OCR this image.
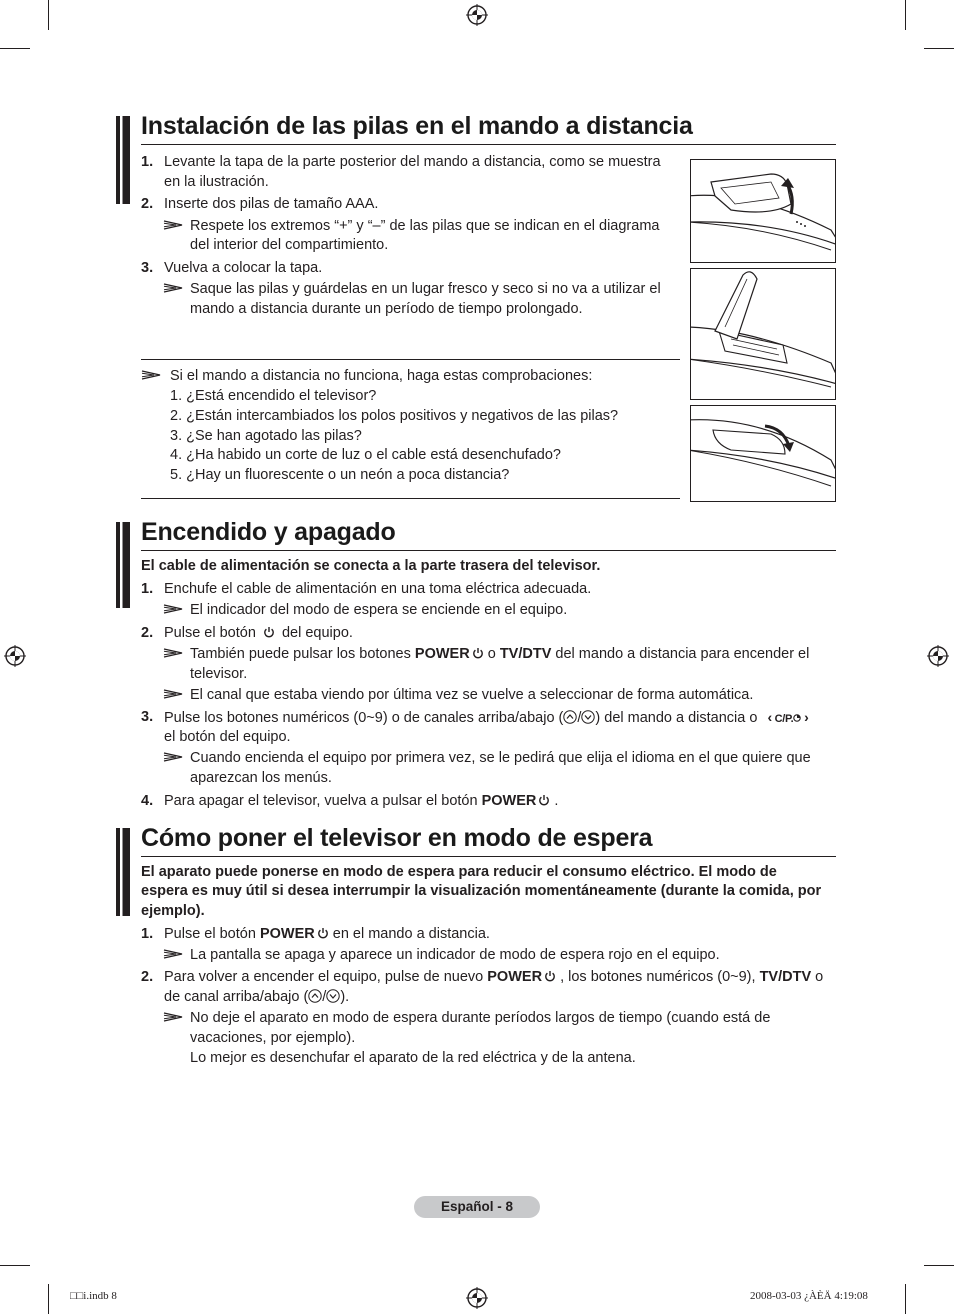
Instalación de las pilas en el mando a distancia
1. Levante la tapa de la parte posterior del mando a distancia, como se muestra
en la ilustración.
2. Inserte dos pilas de tamaño AAA.
Respete los extremos “+” y “–” de las pilas que se indican en el diagrama
del interior del compartimiento.
3. Vuelva a colocar la tapa.
Saque las pilas y guárdelas en un lugar fresco y seco si no va a utilizar el
mando a distancia durante un período de tiempo prolongado.
Si el mando a distancia no funciona, haga estas comprobaciones:
1. ¿Está encendido el televisor?
2. ¿Están intercambiados los polos positivos y negativos de las pilas?
3. ¿Se han agotado las pilas?
4. ¿Ha habido un corte de luz o el cable está desenchufado?
5. ¿Hay un fluorescente o un neón a poca distancia?
Encendido y apagado
El cable de alimentación se conecta a la parte trasera del televisor.
1. Enchufe el cable de alimentación en una toma eléctrica adecuada.
El indicador del modo de espera se enciende en el equipo.
2. Pulse el botón del equipo.
También puede pulsar los botones POWER o TV/DTV del mando a distancia para encender el
televisor.
El canal que estaba viendo por última vez se vuelve a seleccionar de forma automática.
3. Pulse los botones numéricos (0~9) o de canales arriba/abajo ( / ) del mando a distancia o ‹ C/P. ›
el botón del equipo.
Cuando encienda el equipo por primera vez, se le pedirá que elija el idioma en el que quiere que
aparezcan los menús.
4. Para apagar el televisor, vuelva a pulsar el botón POWER .
Cómo poner el televisor en modo de espera
El aparato puede ponerse en modo de espera para reducir el consumo eléctrico. El modo de
espera es muy útil si desea interrumpir la visualización momentáneamente (durante la comida, por
ejemplo).
1. Pulse el botón POWER en el mando a distancia.
La pantalla se apaga y aparece un indicador de modo de espera rojo en el equipo.
2. Para volver a encender el equipo, pulse de nuevo POWER , los botones numéricos (0~9), TV/DTV o
de canal arriba/abajo ( / ).
No deje el aparato en modo de espera durante períodos largos de tiempo (cuando está de
vacaciones, por ejemplo).
Lo mejor es desenchufar el aparato de la red eléctrica y de la antena.
Español - 8
□□i.indb 8	2008-03-03 ¿ÀÈÄ 4:19:08
